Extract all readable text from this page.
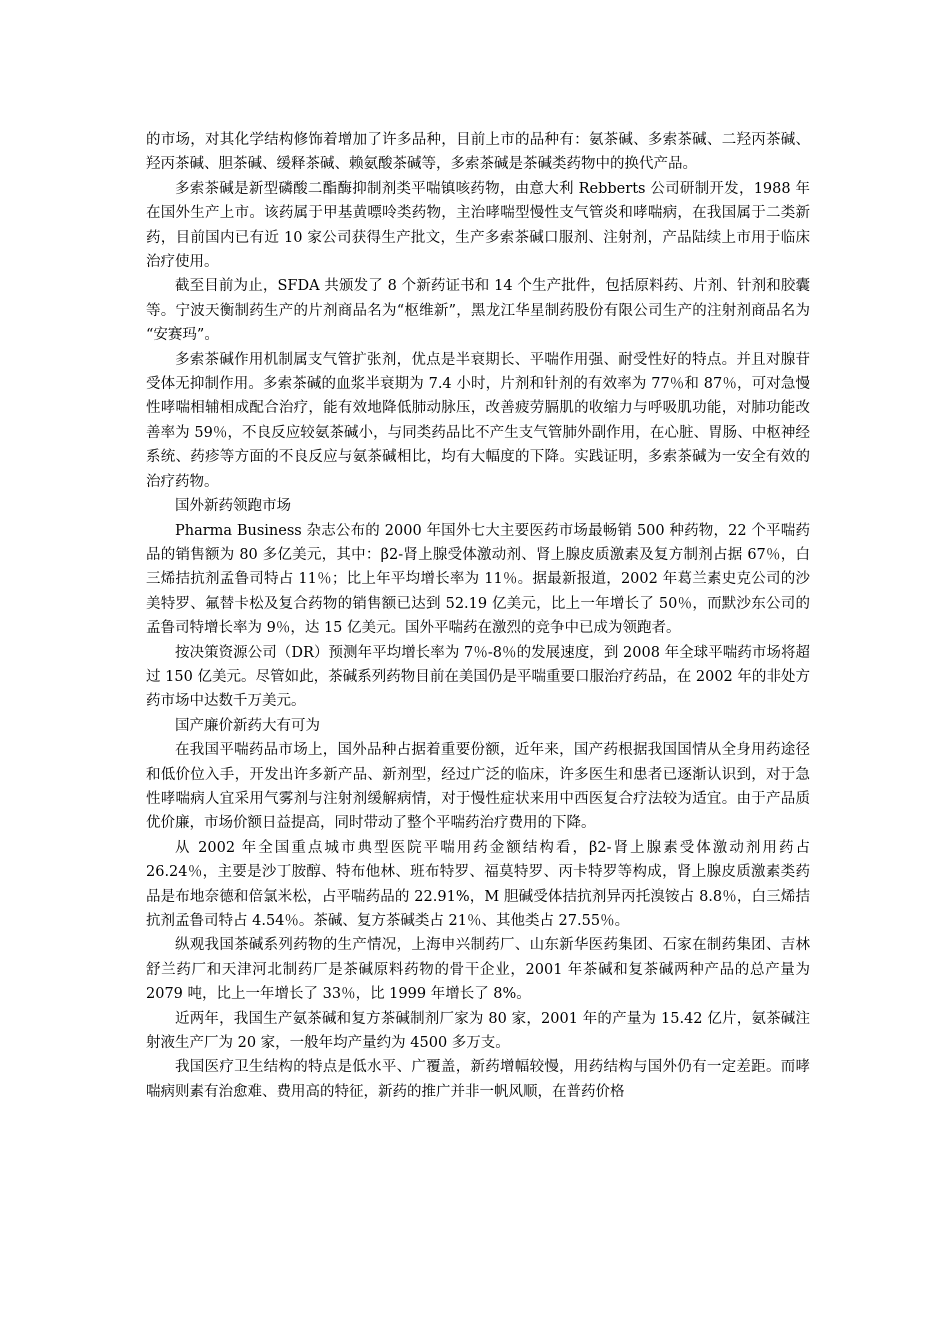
的市场，对其化学结构修饰着增加了许多品种，目前上市的品种有：氨茶碱、多索茶碱、二羟丙茶碱、羟丙茶碱、胆茶碱、缓释茶碱、赖氨酸茶碱等，多索茶碱是茶碱类药物中的换代产品。

多索茶碱是新型磷酸二酯酶抑制剂类平喘镇咳药物，由意大利 Rebberts 公司研制开发，1988 年在国外生产上市。该药属于甲基黄嘌呤类药物，主治哮喘型慢性支气管炎和哮喘病，在我国属于二类新药，目前国内已有近 10 家公司获得生产批文，生产多索茶碱口服剂、注射剂，产品陆续上市用于临床治疗使用。

截至目前为止，SFDA 共颁发了 8 个新药证书和 14 个生产批件，包括原料药、片剂、针剂和胶囊等。宁波天衡制药生产的片剂商品名为“枢维新”，黑龙江华星制药股份有限公司生产的注射剂商品名为 “安赛玛”。

多索茶碱作用机制属支气管扩张剂，优点是半衰期长、平喘作用强、耐受性好的特点。并且对腺苷受体无抑制作用。多索茶碱的血浆半衰期为 7.4 小时，片剂和针剂的有效率为 77％和 87％，可对急慢性哮喘相辅相成配合治疗，能有效地降低肺动脉压，改善疲劳膈肌的收缩力与呼吸肌功能，对肺功能改善率为 59％，不良反应较氨茶碱小，与同类药品比不产生支气管肺外副作用，在心脏、胃肠、中枢神经系统、药疹等方面的不良反应与氨茶碱相比，均有大幅度的下降。实践证明，多索茶碱为一安全有效的治疗药物。

国外新药领跑市场

Pharma Business 杂志公布的 2000 年国外七大主要医药市场最畅销 500 种药物，22 个平喘药品的销售额为 80 多亿美元，其中：β2-肾上腺受体激动剂、肾上腺皮质激素及复方制剂占据 67％，白三烯拮抗剂孟鲁司特占 11％；比上年平均增长率为 11％。据最新报道，2002 年葛兰素史克公司的沙美特罗、氟替卡松及复合药物的销售额已达到 52.19 亿美元，比上一年增长了 50％，而默沙东公司的孟鲁司特增长率为 9％，达 15 亿美元。国外平喘药在激烈的竞争中已成为领跑者。

按决策资源公司（DR）预测年平均增长率为 7％-8％的发展速度，到 2008 年全球平喘药市场将超过 150 亿美元。尽管如此，茶碱系列药物目前在美国仍是平喘重要口服治疗药品，在 2002 年的非处方药市场中达数千万美元。

国产廉价新药大有可为

在我国平喘药品市场上，国外品种占据着重要份额，近年来，国产药根据我国国情从全身用药途径和低价位入手，开发出许多新产品、新剂型，经过广泛的临床，许多医生和患者已逐渐认识到，对于急性哮喘病人宜采用气雾剂与注射剂缓解病情，对于慢性症状来用中西医复合疗法较为适宜。由于产品质优价廉，市场价额日益提高，同时带动了整个平喘药治疗费用的下降。

从 2002 年全国重点城市典型医院平喘用药金额结构看，β2-肾上腺素受体激动剂用药占 26.24％，主要是沙丁胺醇、特布他林、班布特罗、福莫特罗、丙卡特罗等构成，肾上腺皮质激素类药品是布地奈德和倍氯米松，占平喘药品的 22.91%，M 胆碱受体拮抗剂异丙托溴铵占 8.8％，白三烯拮抗剂孟鲁司特占 4.54％。茶碱、复方茶碱类占 21％、其他类占 27.55％。

纵观我国茶碱系列药物的生产情况，上海申兴制药厂、山东新华医药集团、石家在制药集团、吉林舒兰药厂和天津河北制药厂是茶碱原料药物的骨干企业，2001 年茶碱和复茶碱两种产品的总产量为 2079 吨，比上一年增长了 33％，比 1999 年增长了 8%。

近两年，我国生产氨茶碱和复方茶碱制剂厂家为 80 家，2001 年的产量为 15.42 亿片，氨茶碱注射液生产厂为 20 家，一般年均产量约为 4500 多万支。

我国医疗卫生结构的特点是低水平、广覆盖，新药增幅较慢，用药结构与国外仍有一定差距。而哮喘病则素有治愈难、费用高的特征，新药的推广并非一帆风顺，在普药价格
